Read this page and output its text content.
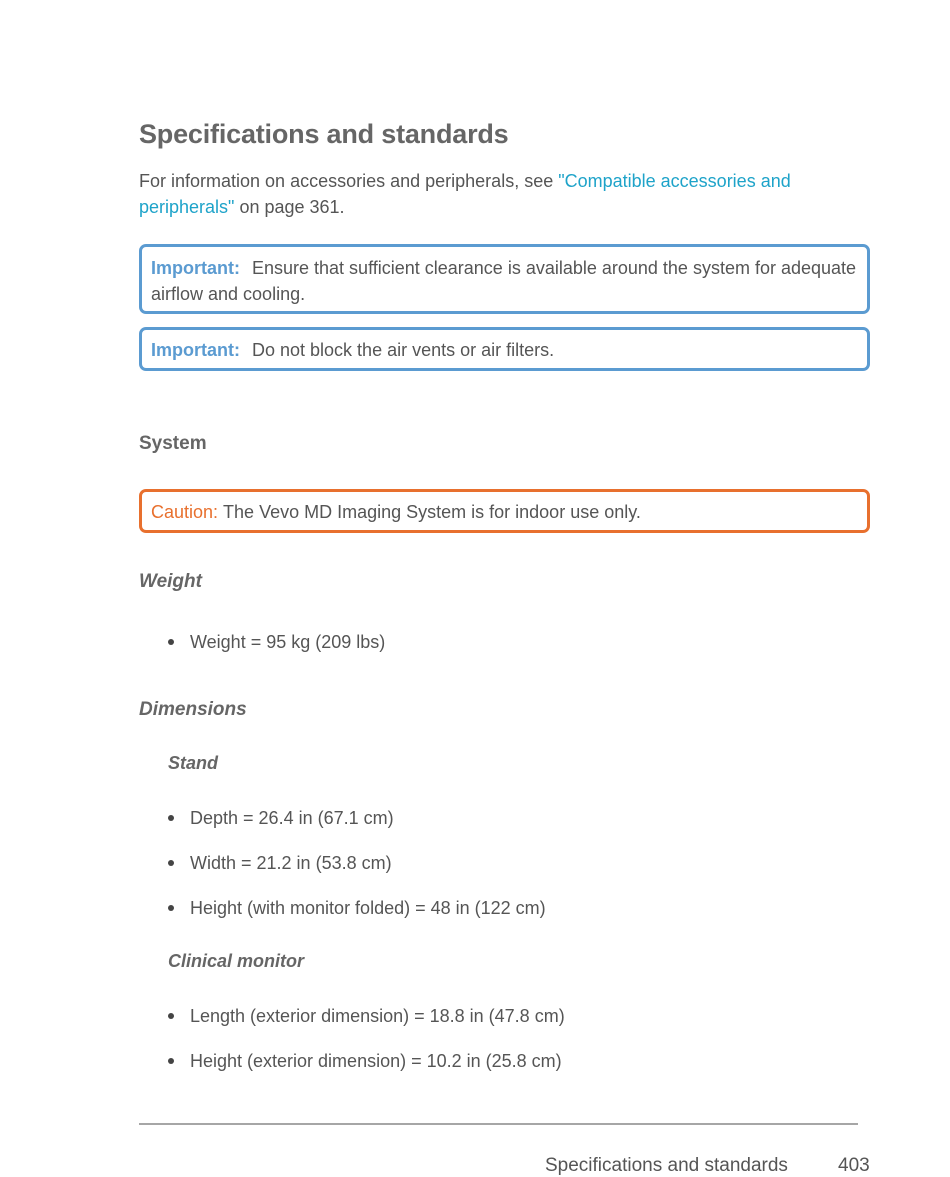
Specifications and standards

For information on accessories and peripherals, see "Compatible accessories and peripherals" on page 361.

Important: Ensure that sufficient clearance is available around the system for adequate airflow and cooling.
Important: Do not block the air vents or air filters.
System
Caution: The Vevo MD Imaging System is for indoor use only.
Weight
Weight = 95 kg (209 lbs)
Dimensions
Stand
Depth = 26.4 in (67.1 cm)
Width = 21.2 in (53.8 cm)
Height (with monitor folded) = 48 in (122 cm)
Clinical monitor
Length (exterior dimension) = 18.8 in (47.8 cm)
Height (exterior dimension) = 10.2 in (25.8 cm)
Specifications and standards	403
